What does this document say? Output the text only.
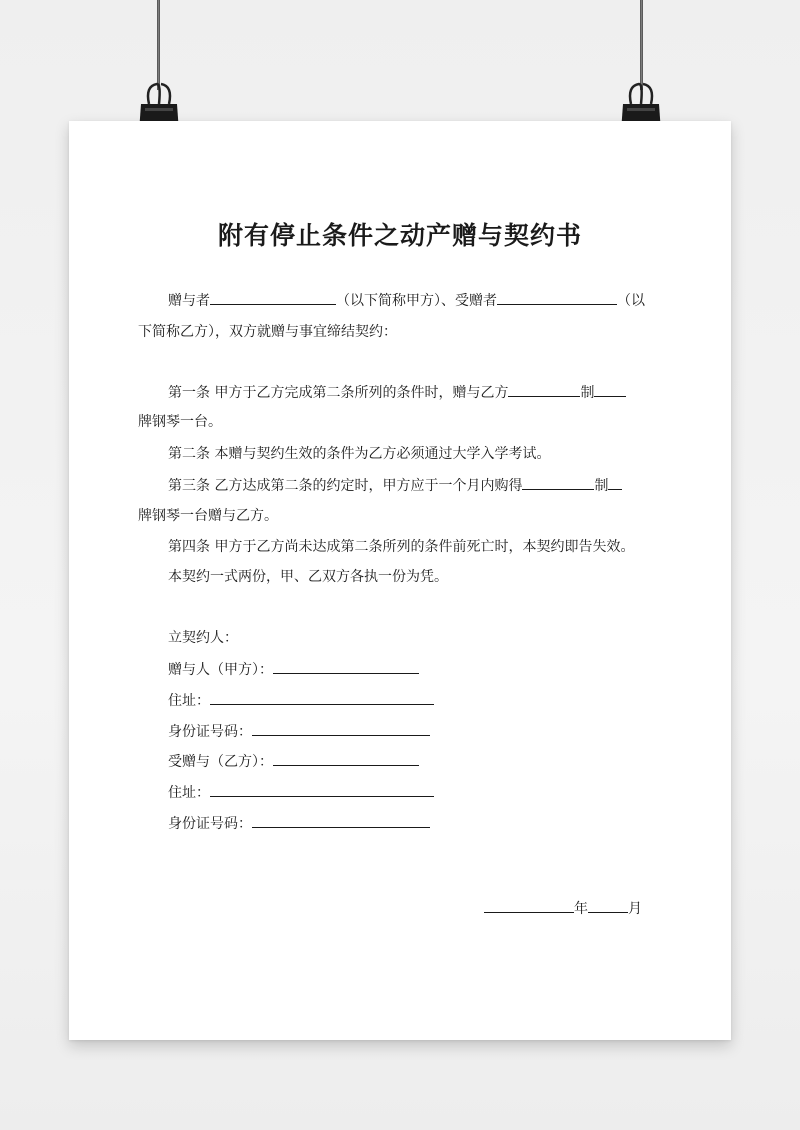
附有停止条件之动产赠与契约书
赠与者	（以下简称甲方）、受赠者	（以
下简称乙方），双方就赠与事宜缔结契约：
第一条 甲方于乙方完成第二条所列的条件时，赠与乙方	制
牌钢琴一台。
第二条 本赠与契约生效的条件为乙方必须通过大学入学考试。
第三条 乙方达成第二条的约定时，甲方应于一个月内购得	制
牌钢琴一台赠与乙方。
第四条 甲方于乙方尚未达成第二条所列的条件前死亡时，本契约即告失效。
本契约一式两份，甲、乙双方各执一份为凭。
立契约人：
赠与人（甲方）：
住址：
身份证号码：
受赠与（乙方）：
住址：
身份证号码：
年	月
